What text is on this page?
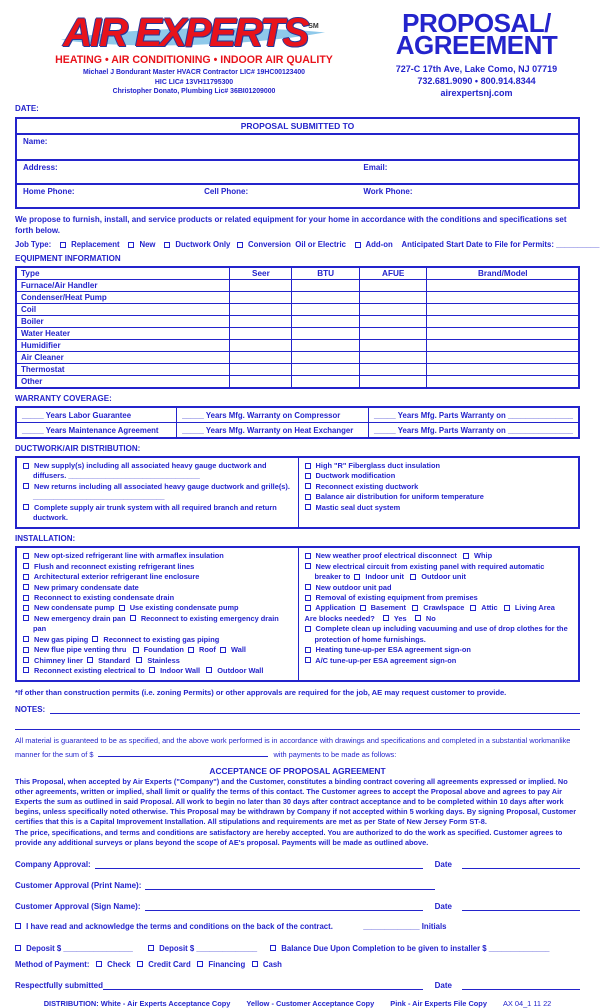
AIR EXPERTS℠
HEATING • AIR CONDITIONING • INDOOR AIR QUALITY
Michael J Bondurant Master HVACR Contractor LIC# 19HC00123400
HIC LIC# 13VH11795300
Christopher Donato, Plumbing Lic# 36BI01209000
PROPOSAL/
AGREEMENT
727-C 17th Ave, Lake Como, NJ 07719
732.681.9090 • 800.914.8344
airexpertsnj.com
DATE:
PROPOSAL SUBMITTED TO
Name:
Address:	Email:
Home Phone:	Cell Phone:	Work Phone:
We propose to furnish, install, and service products or related equipment for your home in accordance with the conditions and specifications set forth below.
Job Type:     Replacement     New     Ductwork Only    Conversion  Oil or Electric     Add-on    Anticipated Start Date to File for Permits: __________
EQUIPMENT INFORMATION
Type	Seer	BTU	AFUE	Brand/Model
Furnace/Air Handler				
Condenser/Heat Pump				
Coil				
Boiler				
Water Heater				
Humidifier				
Air Cleaner				
Thermostat				
Other				
WARRANTY COVERAGE:
_____ Years Labor Guarantee	_____ Years Mfg. Warranty on Compressor	_____ Years Mfg. Parts Warranty on _______________
_____ Years Maintenance Agreement	_____ Years Mfg. Warranty on Heat Exchanger	_____ Years Mfg. Parts Warranty on _______________
DUCTWORK/AIR DISTRIBUTION:
New supply(s) including all associated heavy gauge ductwork and diffusers. ________________________________
New returns including all associated heavy gauge ductwork and grille(s). ________________________________
Complete supply air trunk system with all required branch and return ductwork.
High "R" Fiberglass duct insulation
Ductwork modification
Reconnect existing ductwork
Balance air distribution for uniform temperature
Mastic seal duct system
INSTALLATION:
New opt-sized refrigerant line with armaflex insulation
Flush and reconnect existing refrigerant lines
Architectural exterior refrigerant line enclosure
New primary condensate date
Reconnect to existing condensate drain
New condensate pump   Use existing condensate pump
New emergency drain pan   Reconnect to existing emergency drain pan
New gas piping   Reconnect to existing gas piping
New flue pipe venting thru    Foundation   Roof   Wall
Chimney liner   Standard    Stainless
Reconnect existing electrical to   Indoor Wall    Outdoor Wall
New weather proof electrical disconnect    Whip
New electrical circuit from existing panel with required automatic breaker to   Indoor unit    Outdoor unit
New outdoor unit pad
Removal of existing equipment from premises
Application   Basement    Crawlspace    Attic    Living Area
Are blocks needed?     Yes     No
Complete clean up including vacuuming and use of drop clothes for the protection of home furnishings.
Heating tune-up-per ESA agreement sign-on
A/C tune-up-per ESA agreement sign-on
*If other than construction permits (i.e. zoning Permits) or other approvals are required for the job, AE may request customer to provide.
NOTES:

All material is guaranteed to be as specified, and the above work performed is in accordance with drawings and specifications and completed in a substantial workmanlike manner for the sum of $	with payments to be made as follows:

ACCEPTANCE OF PROPOSAL AGREEMENT

This Proposal, when accepted by Air Experts ("Company") and the Customer, constitutes a binding contract covering all agreements expressed or implied. No other agreements, written or implied, shall limit or qualify the terms of this contact. The Customer agrees to accept the Proposal above and agrees to pay Air Experts the sum as outlined in said Proposal. All work to begin no later than 30 days after contract acceptance and to be completed within 10 days after work begins, unless specifically noted otherwise. This Proposal may be withdrawn by Company if not accepted within 5 working days. By signing Proposal, Customer certifies that this is a Capital Improvement Installation. All stipulations and requirements are met as per State of New Jersey Form ST-8.

The price, specifications, and terms and conditions are satisfactory are hereby accepted. You are authorized to do the work as specified. Customer agrees to provide any additional surveys or plans beyond the scope of AE's proposal. Payments will be made as outlined above.

Company Approval:	Date
Customer Approval (Print Name):
Customer Approval (Sign Name):	Date
I have read and acknowledge the terms and conditions on the back of the contract.              _____________ Initials
Deposit $ ________________        Deposit $ ______________       Balance Due Upon Completion to be given to installer $ ______________
Method of Payment:    Check    Credit Card    Financing    Cash
Respectfully submitted	Date
DISTRIBUTION: White - Air Experts Acceptance Copy Yellow - Customer Acceptance Copy Pink - Air Experts File Copy AX 04_1 11 22
